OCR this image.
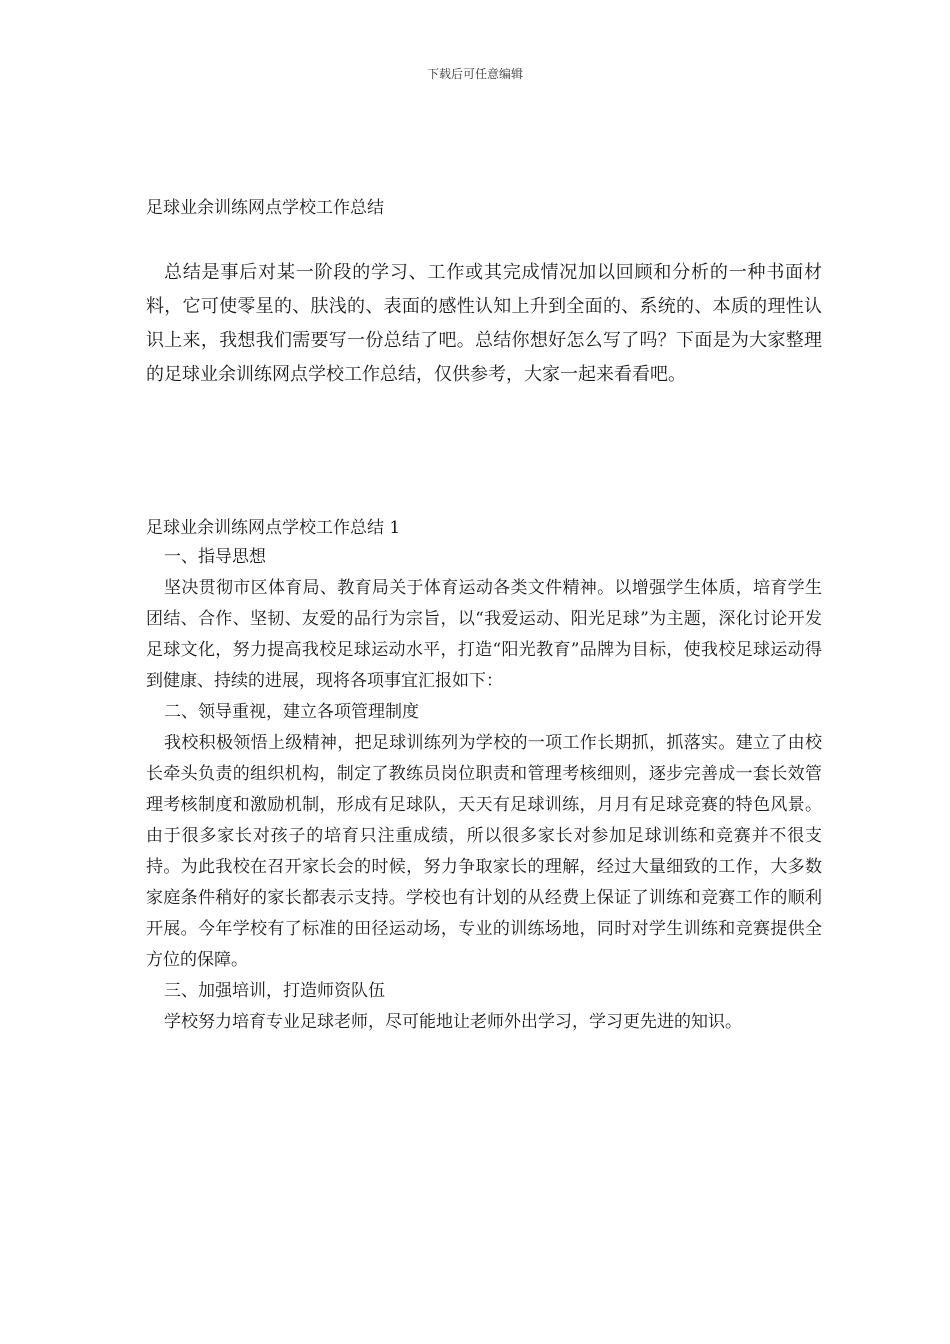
下载后可任意编辑
足球业余训练网点学校工作总结

总结是事后对某一阶段的学习、工作或其完成情况加以回顾和分析的一种书面材料，它可使零星的、肤浅的、表面的感性认知上升到全面的、系统的、本质的理性认识上来，我想我们需要写一份总结了吧。总结你想好怎么写了吗？下面是为大家整理的足球业余训练网点学校工作总结，仅供参考，大家一起来看看吧。

足球业余训练网点学校工作总结 1
一、指导思想

坚决贯彻市区体育局、教育局关于体育运动各类文件精神。以增强学生体质，培育学生团结、合作、坚韧、友爱的品行为宗旨，以“我爱运动、阳光足球”为主题，深化讨论开发足球文化，努力提高我校足球运动水平，打造“阳光教育”品牌为目标，使我校足球运动得到健康、持续的进展，现将各项事宜汇报如下：

二、领导重视，建立各项管理制度

我校积极领悟上级精神，把足球训练列为学校的一项工作长期抓，抓落实。建立了由校长牵头负责的组织机构，制定了教练员岗位职责和管理考核细则，逐步完善成一套长效管理考核制度和激励机制，形成有足球队，天天有足球训练，月月有足球竞赛的特色风景。由于很多家长对孩子的培育只注重成绩，所以很多家长对参加足球训练和竞赛并不很支持。为此我校在召开家长会的时候，努力争取家长的理解，经过大量细致的工作，大多数家庭条件稍好的家长都表示支持。学校也有计划的从经费上保证了训练和竞赛工作的顺利开展。今年学校有了标准的田径运动场，专业的训练场地，同时对学生训练和竞赛提供全方位的保障。

三、加强培训，打造师资队伍

学校努力培育专业足球老师，尽可能地让老师外出学习，学习更先进的知识。
